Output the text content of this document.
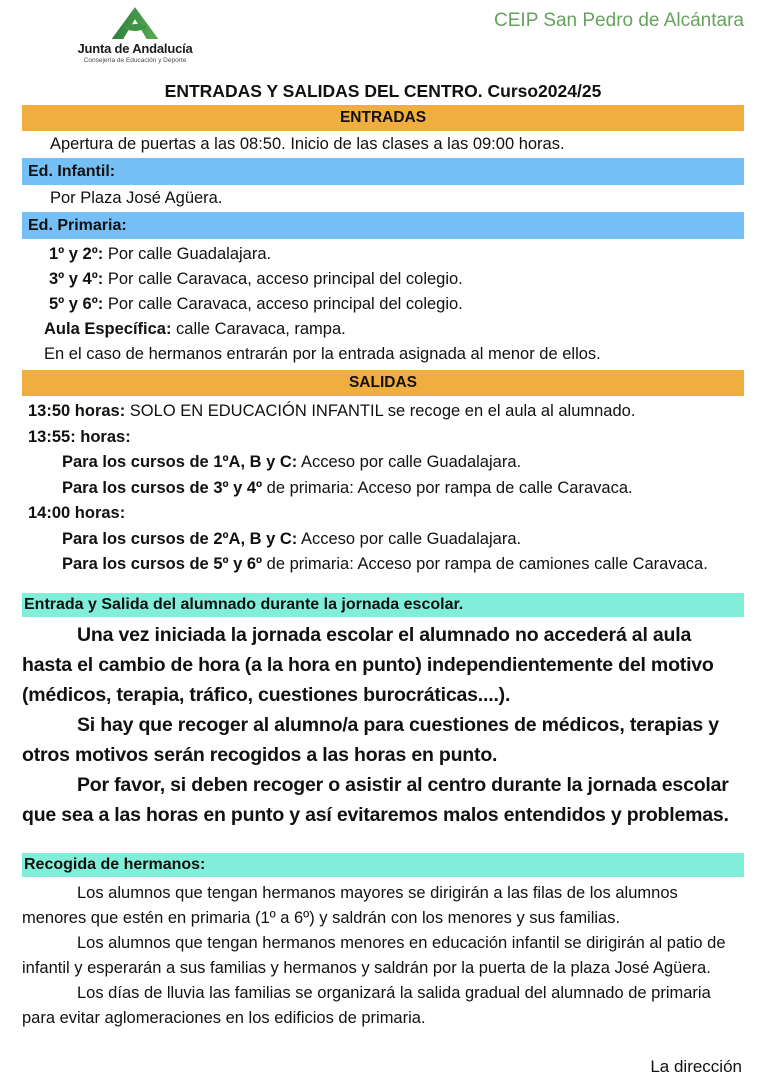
Junta de Andalucía
Consejería de Educación y Deporte
CEIP San Pedro de Alcántara
ENTRADAS Y SALIDAS DEL CENTRO. Curso2024/25
ENTRADAS
Apertura de puertas a las 08:50. Inicio de las clases a las 09:00 horas.
Ed. Infantil:
Por Plaza José Agüera.
Ed. Primaria:
1º y 2º: Por calle Guadalajara.
3º y 4º: Por calle Caravaca, acceso principal del colegio.
5º y 6º: Por calle Caravaca, acceso principal del colegio.
Aula Específica: calle Caravaca, rampa.
En el caso de hermanos entrarán por la entrada asignada al menor de ellos.
SALIDAS
13:50 horas: SOLO EN EDUCACIÓN INFANTIL se recoge en el aula al alumnado.
13:55: horas:
Para los cursos de 1ºA, B y C: Acceso por calle Guadalajara.
Para los cursos de 3º y 4º de primaria: Acceso por rampa de calle Caravaca.
14:00 horas:
Para los cursos de 2ºA, B y C: Acceso por calle Guadalajara.
Para los cursos de 5º y 6º de primaria: Acceso por rampa de camiones calle Caravaca.
Entrada y Salida del alumnado durante la jornada escolar.

Una vez iniciada la jornada escolar el alumnado no accederá al aula hasta el cambio de hora (a la hora en punto) independientemente del motivo (médicos, terapia, tráfico, cuestiones burocráticas....).

Si hay que recoger al alumno/a para cuestiones de médicos, terapias y otros motivos serán recogidos a las horas en punto.

Por favor, si deben recoger o asistir al centro durante la jornada escolar que sea a las horas en punto y así evitaremos malos entendidos y problemas.

Recogida de hermanos:

Los alumnos que tengan hermanos mayores se dirigirán a las filas de los alumnos menores que estén en primaria (1º a 6º) y saldrán con los menores y sus familias.

Los alumnos que tengan hermanos menores en educación infantil se dirigirán al patio de infantil y esperarán a sus familias y hermanos y saldrán por la puerta de la plaza José Agüera.

Los días de lluvia las familias se organizará la salida gradual del alumnado de primaria para evitar aglomeraciones en los edificios de primaria.

La dirección
